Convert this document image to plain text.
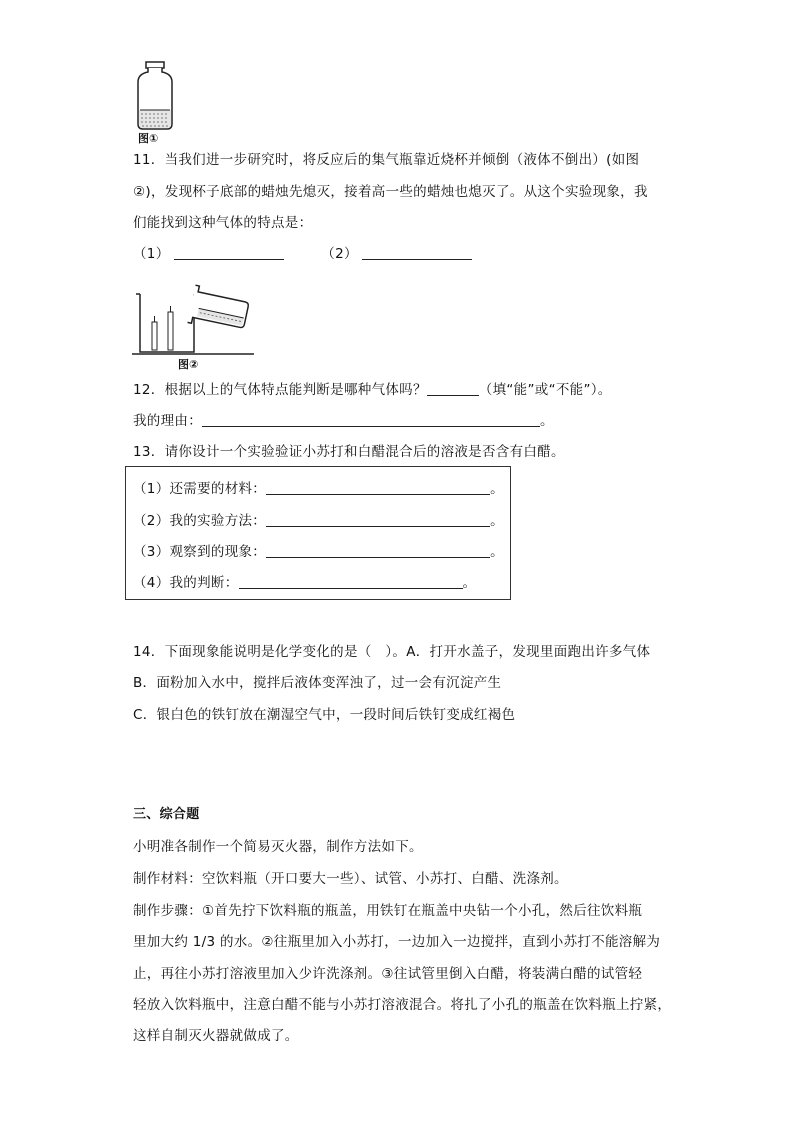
图①
11．当我们进一步研究时，将反应后的集气瓶靠近烧杯并倾倒（液体不倒出）(如图
②)，发现杯子底部的蜡烛先熄灭，接着高一些的蜡烛也熄灭了。从这个实验现象，我
们能找到这种气体的特点是：
（1）	（2）
图②
12．根据以上的气体特点能判断是哪种气体吗？	（填“能”或“不能”）。
我的理由：	。
13．请你设计一个实验验证小苏打和白醋混合后的溶液是否含有白醋。
（1）还需要的材料：	。
（2）我的实验方法：	。
（3）观察到的现象：	。
（4）我的判断：	。
14．下面现象能说明是化学变化的是（　）。A．打开水盖子，发现里面跑出许多气体
B．面粉加入水中，搅拌后液体变浑浊了，过一会有沉淀产生
C．银白色的铁钉放在潮湿空气中，一段时间后铁钉变成红褐色
三、综合题
小明准各制作一个简易灭火器，制作方法如下。
制作材料：空饮料瓶（开口要大一些）、试管、小苏打、白醋、洗涤剂。
制作步骤：①首先拧下饮料瓶的瓶盖，用铁钉在瓶盖中央钻一个小孔，然后往饮料瓶
里加大约 1/3 的水。②往瓶里加入小苏打，一边加入一边搅拌，直到小苏打不能溶解为
止，再往小苏打溶液里加入少许洗涤剂。③往试管里倒入白醋，将装满白醋的试管轻
轻放入饮料瓶中，注意白醋不能与小苏打溶液混合。将扎了小孔的瓶盖在饮料瓶上拧紧，
这样自制灭火器就做成了。
